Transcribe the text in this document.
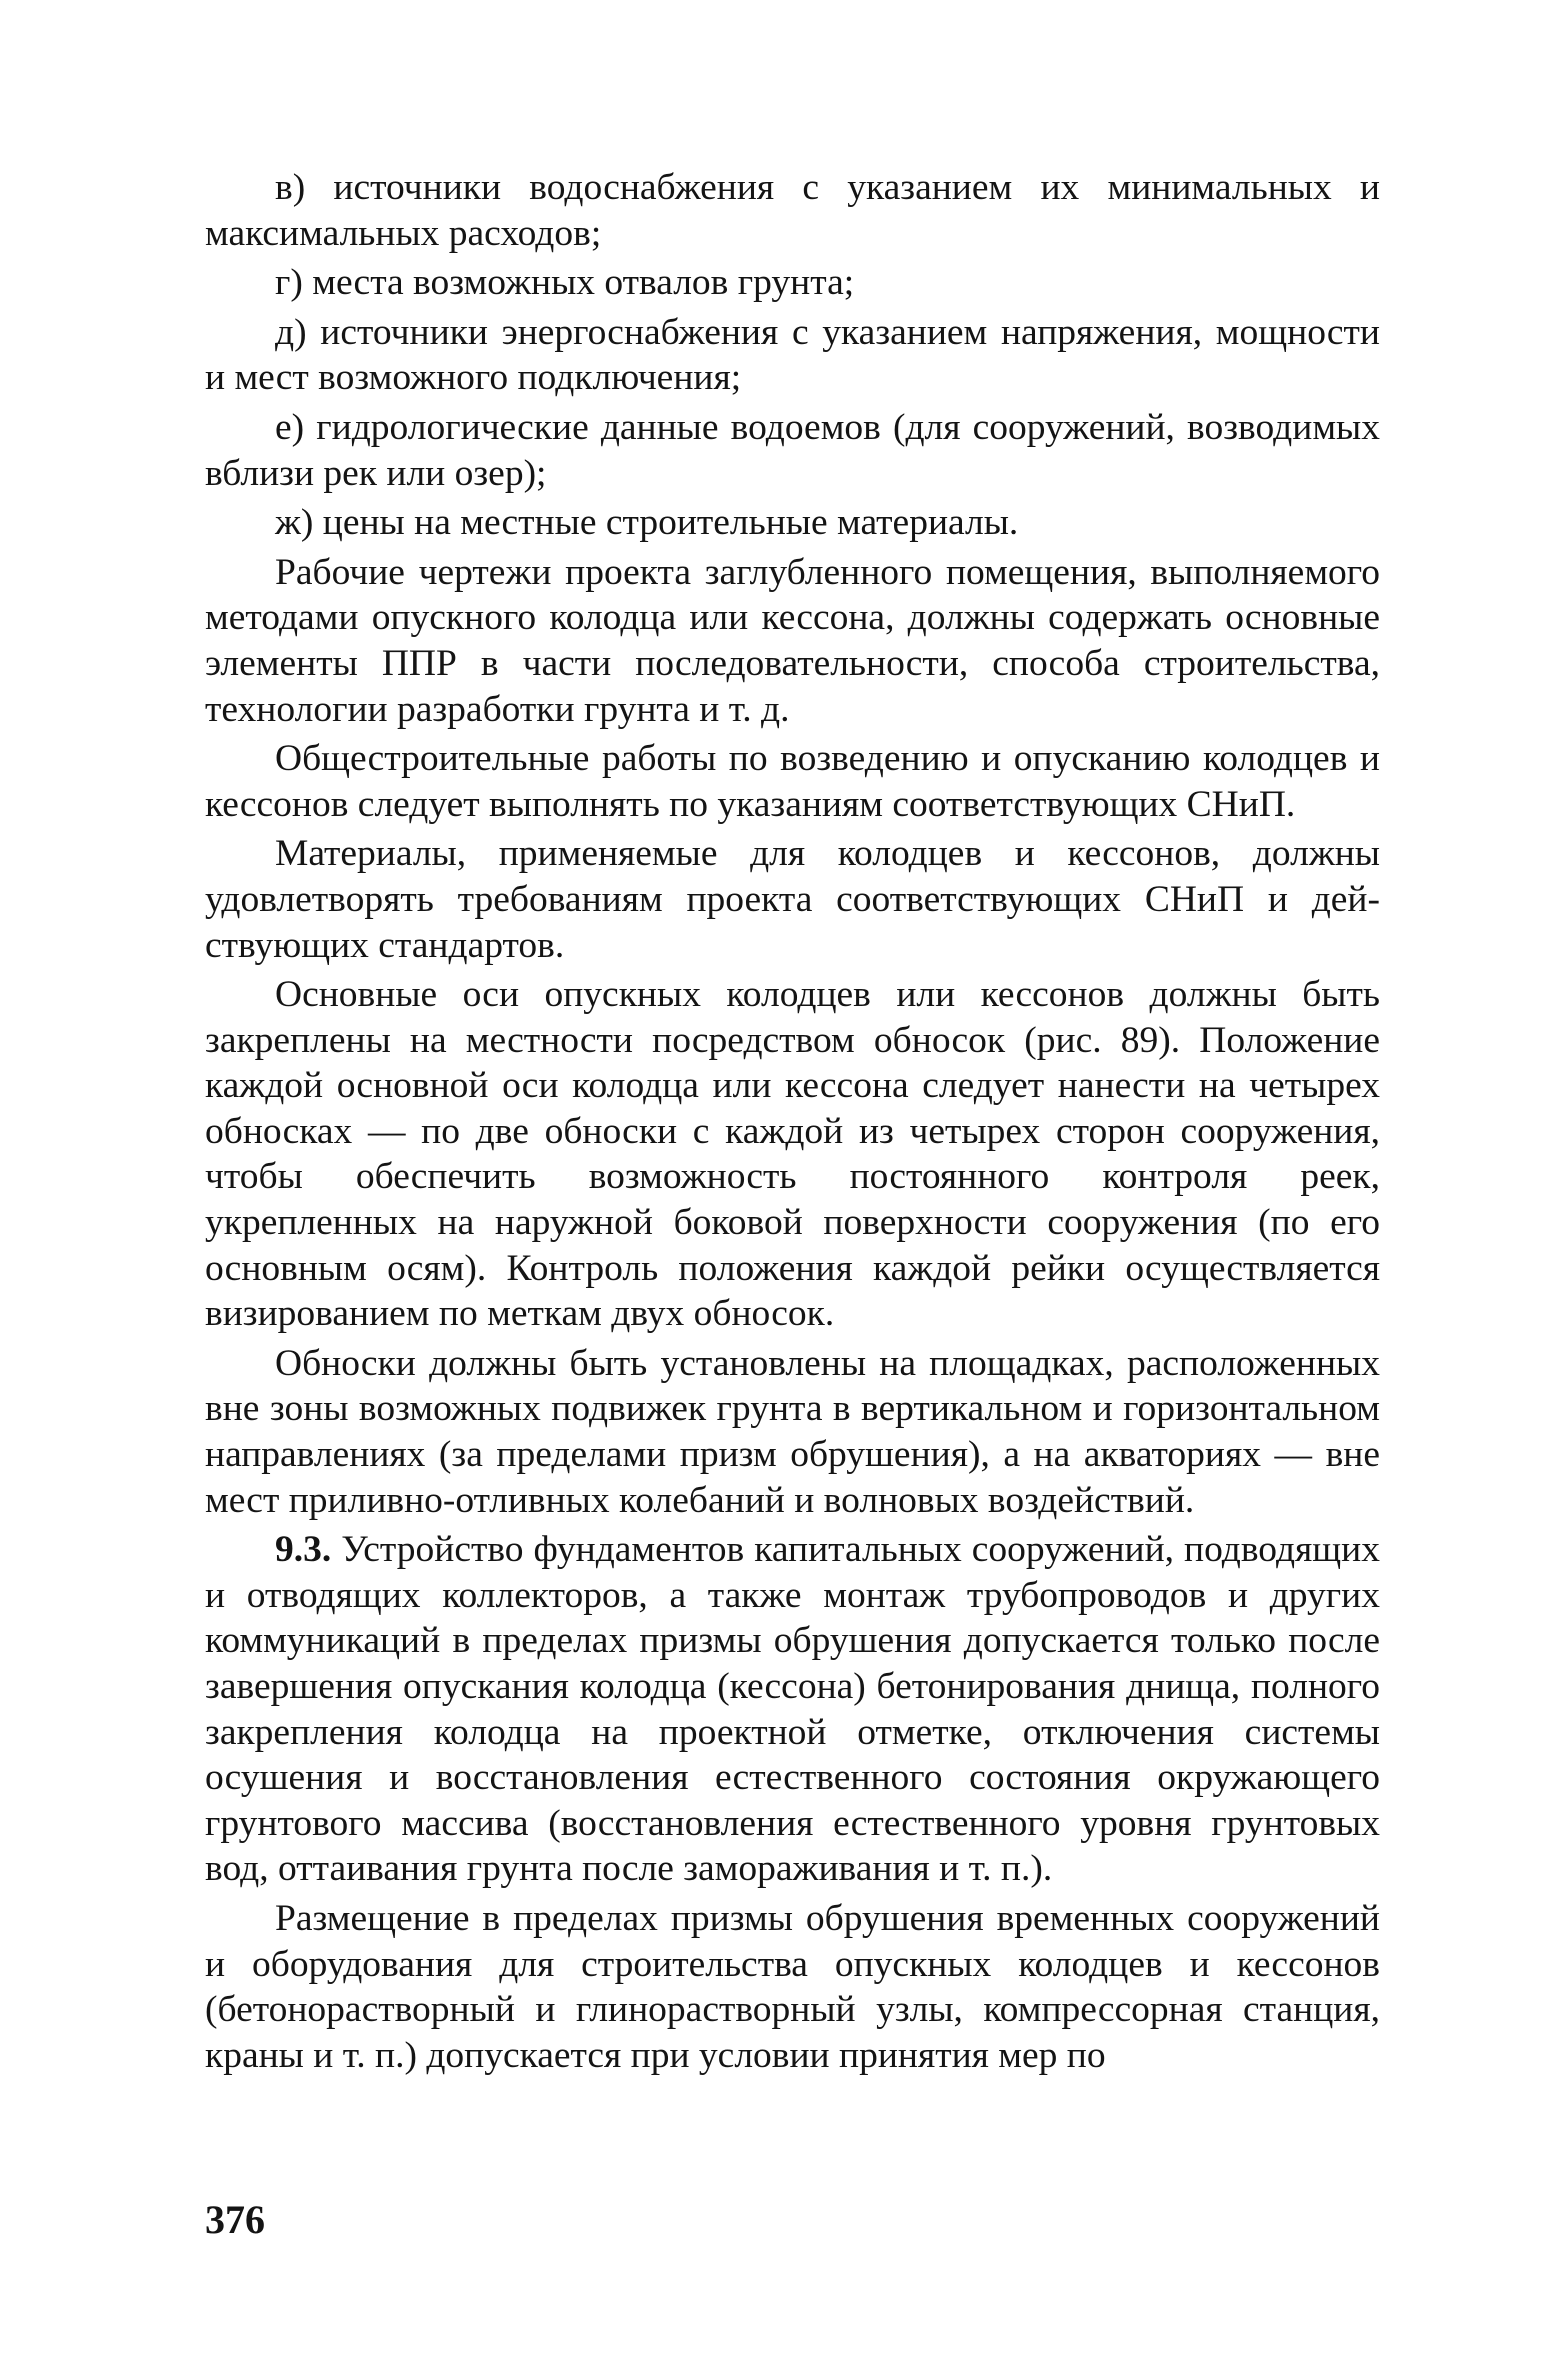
в) источники водоснабжения с указанием их минимальных и максимальных расходов;

г) места возможных отвалов грунта;

д) источники энергоснабжения с указанием напряжения, мощности и мест возможного подключения;

е) гидрологические данные водоемов (для сооружений, возводимых вблизи рек или озер);

ж) цены на местные строительные материалы.

Рабочие чертежи проекта заглубленного помещения, выполняемого методами опускного колодца или кессона, должны содержать основные элементы ППР в части последовательности, способа строительства, технологии разработки грунта и т. д.

Общестроительные работы по возведению и опусканию колодцев и кессонов следует выполнять по указаниям соответствующих СНиП.

Материалы, применяемые для колодцев и кессонов, должны удовлетворять требованиям проекта соответствующих СНиП и действующих стандартов.

Основные оси опускных колодцев или кессонов должны быть закреплены на местности посредством обносок (рис. 89). Положение каждой основной оси колодца или кессона следует нанести на четырех обносках — по две обноски с каждой из четырех сторон сооружения, чтобы обеспечить возможность постоянного контроля реек, укрепленных на наружной боковой поверхности сооружения (по его основным осям). Контроль положения каждой рейки осуществляется визированием по меткам двух обносок.

Обноски должны быть установлены на площадках, расположенных вне зоны возможных подвижек грунта в вертикальном и горизонтальном направлениях (за пределами призм обрушения), а на акваториях — вне мест приливно-отливных колебаний и волновых воздействий.

9.3. Устройство фундаментов капитальных сооружений, подводящих и отводящих коллекторов, а также монтаж трубопроводов и других коммуникаций в пределах призмы обрушения допускается только после завершения опускания колодца (кессона) бетонирования днища, полного закрепления колодца на проектной отметке, отключения системы осушения и восстановления естественного состояния окружающего грунтового массива (восстановления естественного уровня грунтовых вод, оттаивания грунта после замораживания и т. п.).

Размещение в пределах призмы обрушения временных сооружений и оборудования для строительства опускных колодцев и кессонов (бетонорастворный и глинорастворный узлы, компрессорная станция, краны и т. п.) допускается при условии принятия мер по

376
